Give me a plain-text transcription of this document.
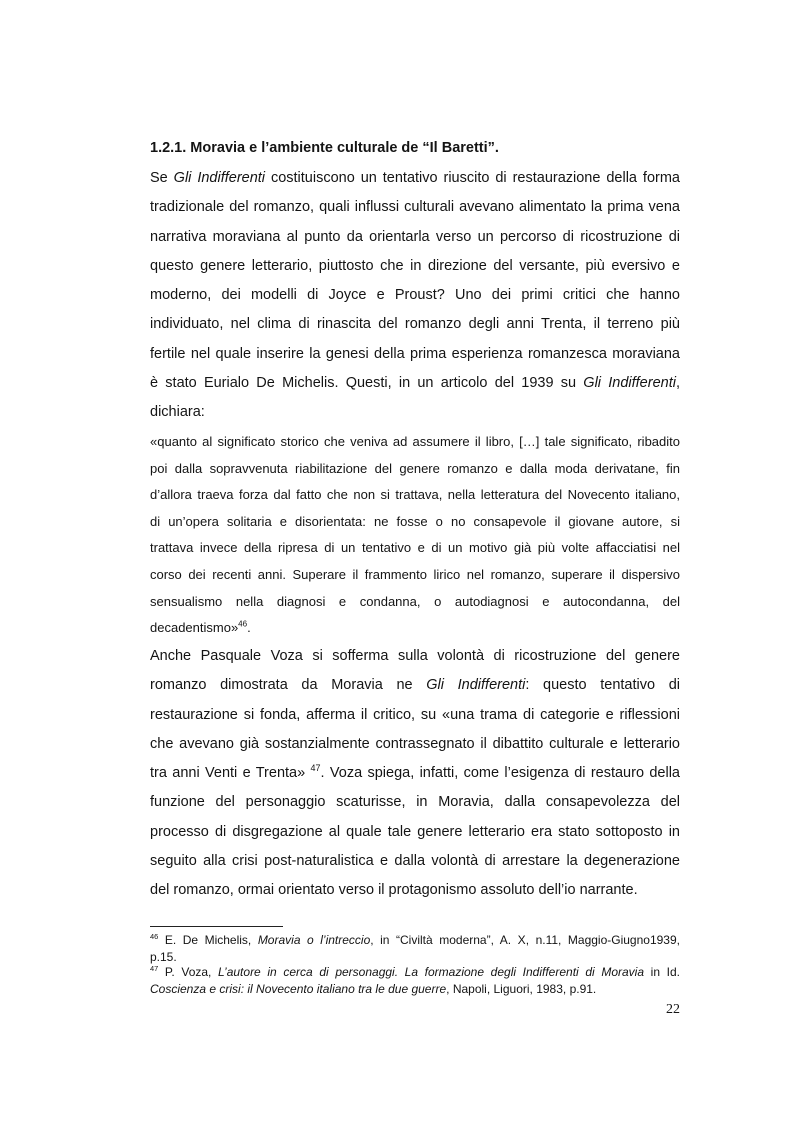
1.2.1. Moravia e l’ambiente culturale de “Il Baretti”.
Se Gli Indifferenti costituiscono un tentativo riuscito di restaurazione della forma
tradizionale del romanzo, quali influssi culturali avevano alimentato la prima vena
narrativa moraviana al punto da orientarla verso un percorso di ricostruzione di
questo genere letterario, piuttosto che in direzione del versante, più eversivo e
moderno, dei modelli di Joyce e Proust? Uno dei primi critici che hanno
individuato, nel clima di rinascita del romanzo degli anni Trenta, il terreno più
fertile nel quale inserire la genesi della prima esperienza romanzesca moraviana
è stato Eurialo De Michelis. Questi, in un articolo del 1939 su Gli Indifferenti,
dichiara:
«quanto al significato storico che veniva ad assumere il libro, […] tale significato, ribadito
poi dalla sopravvenuta riabilitazione del genere romanzo e dalla moda derivatane, fin
d’allora traeva forza dal fatto che non si trattava, nella letteratura del Novecento italiano,
di un’opera solitaria e disorientata: ne fosse o no consapevole il giovane autore, si
trattava invece della ripresa di un tentativo e di un motivo già più volte affacciatisi nel
corso dei recenti anni. Superare il frammento lirico nel romanzo, superare il dispersivo
sensualismo nella diagnosi e condanna, o autodiagnosi e autocondanna, del
decadentismo»$^{46}$.
Anche Pasquale Voza si sofferma sulla volontà di ricostruzione del genere
romanzo dimostrata da Moravia ne Gli Indifferenti: questo tentativo di
restaurazione si fonda, afferma il critico, su «una trama di categorie e riflessioni
che avevano già sostanzialmente contrassegnato il dibattito culturale e letterario
tra anni Venti e Trenta» $^{47}$. Voza spiega, infatti, come l’esigenza di restauro della
funzione del personaggio scaturisse, in Moravia, dalla consapevolezza del
processo di disgregazione al quale tale genere letterario era stato sottoposto in
seguito alla crisi post-naturalistica e dalla volontà di arrestare la degenerazione
del romanzo, ormai orientato verso il protagonismo assoluto dell’io narrante.
$^{46}$ E. De Michelis, Moravia o l’intreccio, in “Civiltà moderna”, A. X, n.11, Maggio-Giugno1939,
p.15.
$^{47}$ P. Voza, L’autore in cerca di personaggi. La formazione degli Indifferenti di Moravia in Id.
Coscienza e crisi: il Novecento italiano tra le due guerre, Napoli, Liguori, 1983, p.91.
22
